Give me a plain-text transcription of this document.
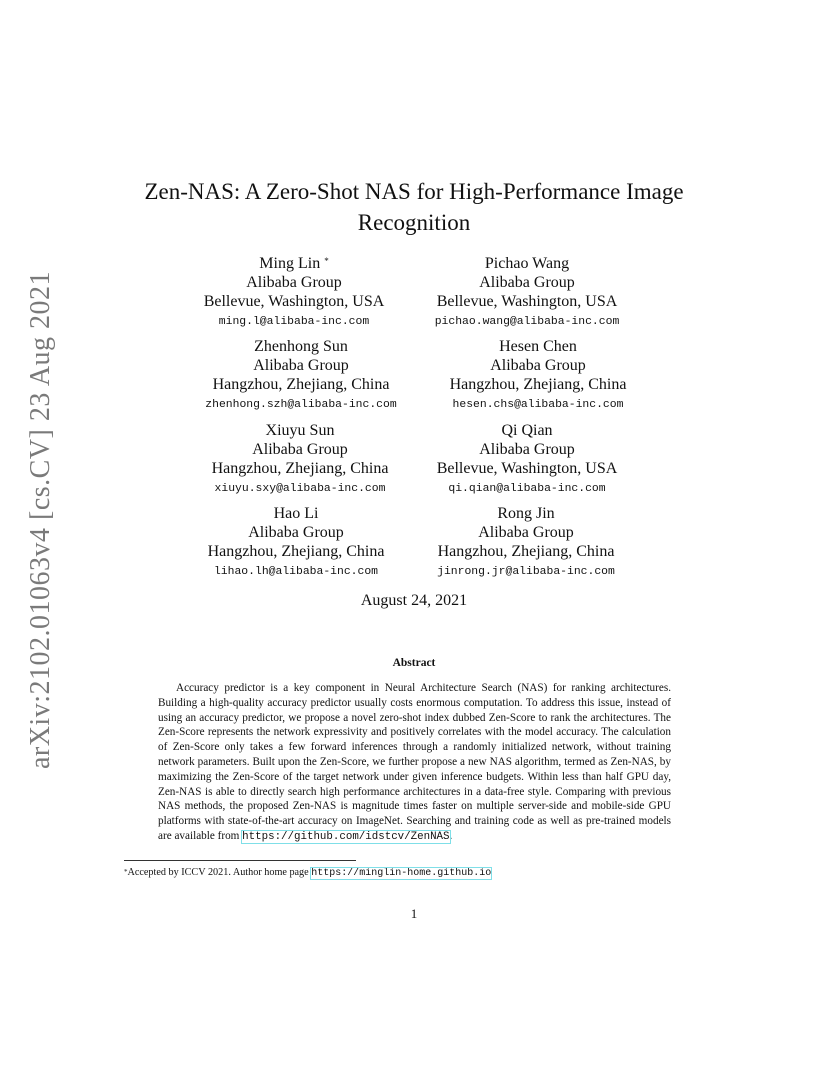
arXiv:2102.01063v4 [cs.CV] 23 Aug 2021
Zen-NAS: A Zero-Shot NAS for High-Performance Image
Recognition
Ming Lin *
Alibaba Group
Bellevue, Washington, USA
ming.l@alibaba-inc.com
Pichao Wang
Alibaba Group
Bellevue, Washington, USA
pichao.wang@alibaba-inc.com
Zhenhong Sun
Alibaba Group
Hangzhou, Zhejiang, China
zhenhong.szh@alibaba-inc.com
Hesen Chen
Alibaba Group
Hangzhou, Zhejiang, China
hesen.chs@alibaba-inc.com
Xiuyu Sun
Alibaba Group
Hangzhou, Zhejiang, China
xiuyu.sxy@alibaba-inc.com
Qi Qian
Alibaba Group
Bellevue, Washington, USA
qi.qian@alibaba-inc.com
Hao Li
Alibaba Group
Hangzhou, Zhejiang, China
lihao.lh@alibaba-inc.com
Rong Jin
Alibaba Group
Hangzhou, Zhejiang, China
jinrong.jr@alibaba-inc.com
August 24, 2021
Abstract
Accuracy predictor is a key component in Neural Architecture Search (NAS) for ranking architectures. Building a high-quality accuracy predictor usually costs enormous computation. To address this issue, instead of using an accuracy predictor, we propose a novel zero-shot index dubbed Zen-Score to rank the architectures. The Zen-Score represents the network expressivity and positively correlates with the model accuracy. The calculation of Zen-Score only takes a few forward inferences through a randomly initialized network, without training network parameters. Built upon the Zen-Score, we further propose a new NAS algorithm, termed as Zen-NAS, by maximizing the Zen-Score of the target network under given inference budgets. Within less than half GPU day, Zen-NAS is able to directly search high performance architectures in a data-free style. Comparing with previous NAS methods, the proposed Zen-NAS is magnitude times faster on multiple server-side and mobile-side GPU platforms with state-of-the-art accuracy on ImageNet. Searching and training code as well as pre-trained models are available from https://github.com/idstcv/ZenNAS.
*Accepted by ICCV 2021. Author home page https://minglin-home.github.io
1
